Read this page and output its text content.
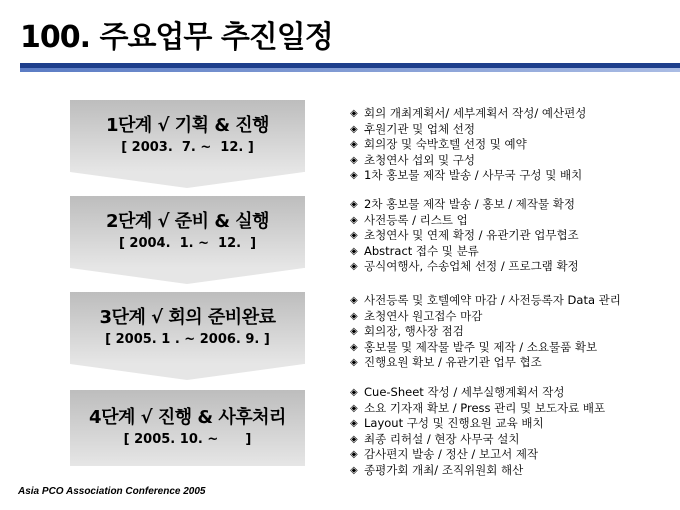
100. 주요업무 추진일정
1단계 √ 기획 & 진행
[ 2003.  7. ~  12. ]
◈ 회의 개최계획서/ 세부계획서 작성/ 예산편성
◈ 후원기관 및 업체 선정
◈ 회의장 및 숙박호텔 선정 및 예약
◈ 초청연사 섭외 및 구성
◈ 1차 홍보물 제작 발송 / 사무국 구성 및 배치
2단계 √ 준비 & 실행
[ 2004.  1. ~  12.  ]
◈ 2차 홍보물 제작 발송 / 홍보 / 제작물 확정
◈ 사전등록 / 리스트 업
◈ 초청연사 및 연제 확정 / 유관기관 업무협조
◈ Abstract 접수 및 분류
◈ 공식여행사, 수송업체 선정 / 프로그램 확정
3단계 √ 회의 준비완료
[ 2005. 1 . ~ 2006. 9. ]
◈ 사전등록 및 호텔예약 마감 / 사전등록자 Data 관리
◈ 초청연사 원고접수 마감
◈ 회의장, 행사장 점검
◈ 홍보물 및 제작물 발주 및 제작 / 소요물품 확보
◈ 진행요원 확보 / 유관기관 업무 협조
4단계 √ 진행 & 사후처리
[ 2005. 10. ~      ]
◈ Cue-Sheet 작성 / 세부실행계획서 작성
◈ 소요 기자재 확보 / Press 관리 및 보도자료 배포
◈ Layout 구성 및 진행요원 교육 배치
◈ 최종 리허설 / 현장 사무국 설치
◈ 감사편지 발송 / 정산 / 보고서 제작
◈ 종평가회 개최/ 조직위원회 해산
Asia PCO Association Conference 2005
